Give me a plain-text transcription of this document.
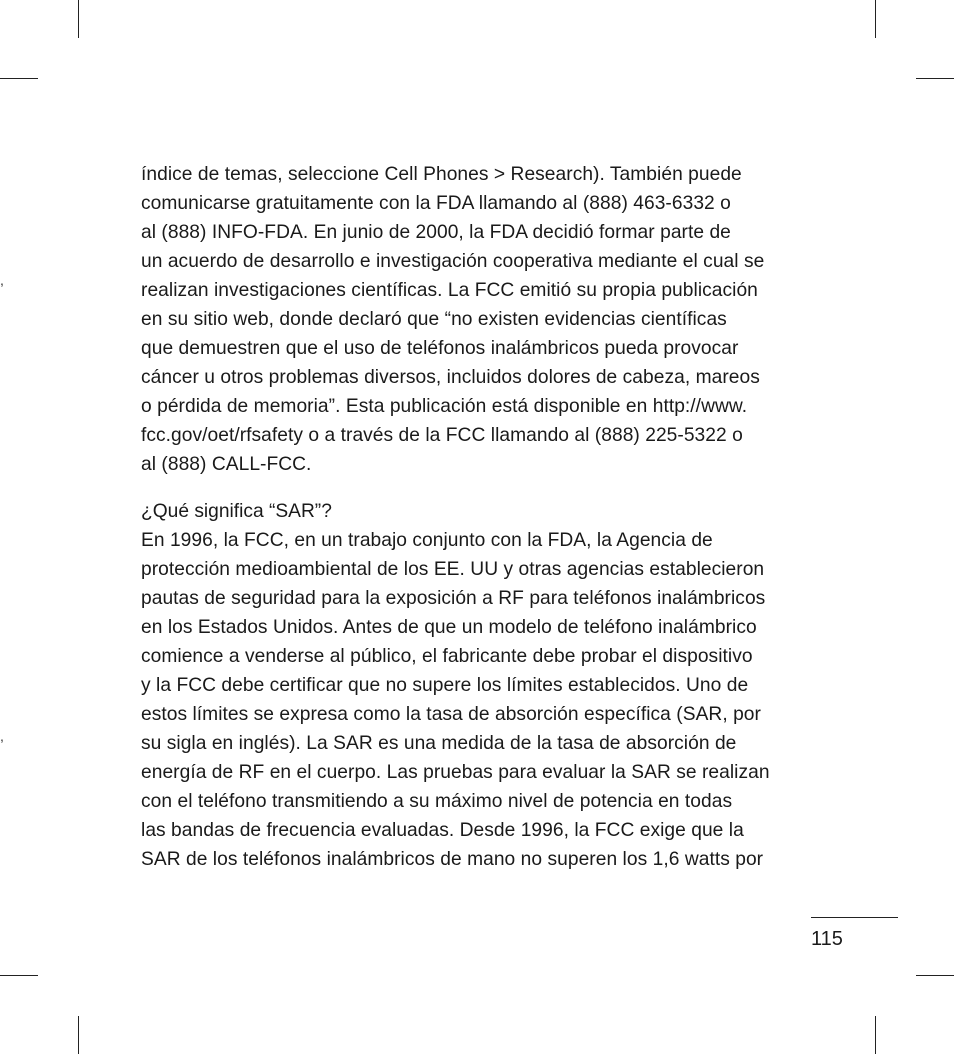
,
,

índice de temas, seleccione Cell Phones > Research). También puede
comunicarse gratuitamente con la FDA llamando al (888) 463-6332 o
al (888) INFO-FDA. En junio de 2000, la FDA decidió formar parte de
un acuerdo de desarrollo e investigación cooperativa mediante el cual se
realizan investigaciones científicas. La FCC emitió su propia publicación
en su sitio web, donde declaró que “no existen evidencias científicas
que demuestren que el uso de teléfonos inalámbricos pueda provocar
cáncer u otros problemas diversos, incluidos dolores de cabeza, mareos
o pérdida de memoria”. Esta publicación está disponible en http://www.
fcc.gov/oet/rfsafety o a través de la FCC llamando al (888) 225-5322 o
al (888) CALL-FCC.

¿Qué significa “SAR”?

En 1996, la FCC, en un trabajo conjunto con la FDA, la Agencia de
protección medioambiental de los EE. UU y otras agencias establecieron
pautas de seguridad para la exposición a RF para teléfonos inalámbricos
en los Estados Unidos. Antes de que un modelo de teléfono inalámbrico
comience a venderse al público, el fabricante debe probar el dispositivo
y la FCC debe certificar que no supere los límites establecidos. Uno de
estos límites se expresa como la tasa de absorción específica (SAR, por
su sigla en inglés). La SAR es una medida de la tasa de absorción de
energía de RF en el cuerpo. Las pruebas para evaluar la SAR se realizan
con el teléfono transmitiendo a su máximo nivel de potencia en todas
las bandas de frecuencia evaluadas. Desde 1996, la FCC exige que la
SAR de los teléfonos inalámbricos de mano no superen los 1,6 watts por

115
